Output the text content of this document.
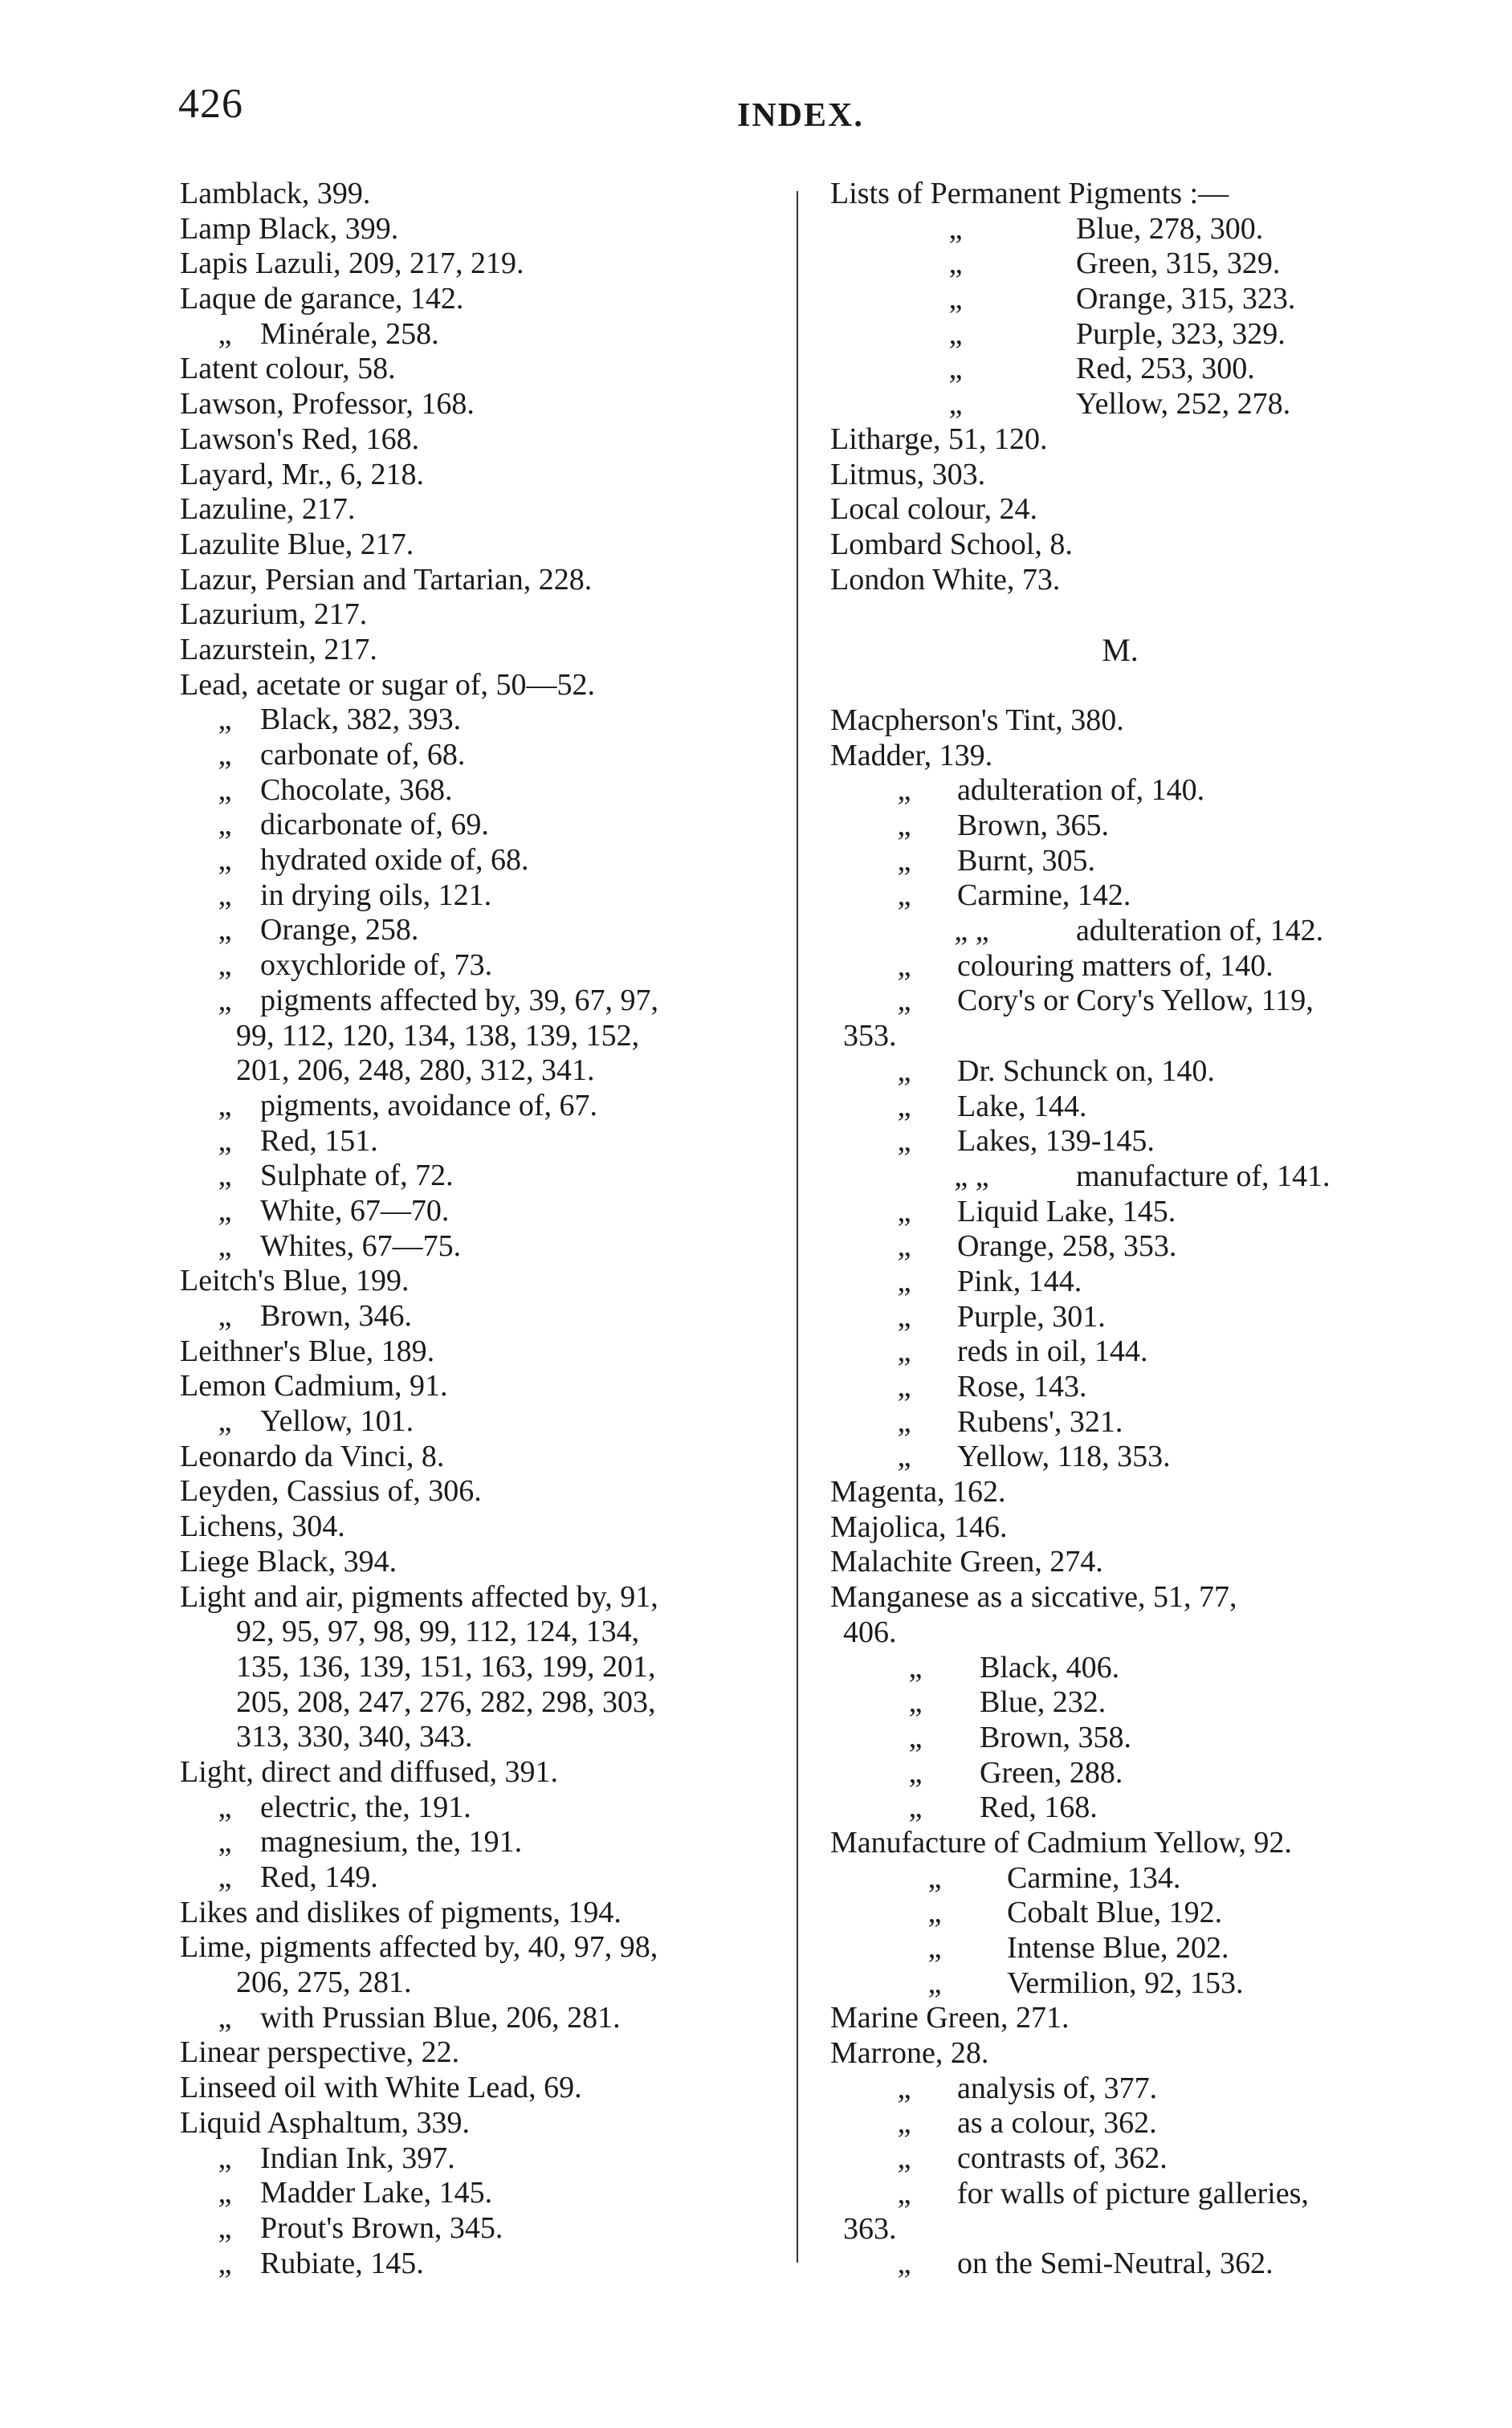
426	INDEX.
Lamblack, 399.
Lamp Black, 399.
Lapis Lazuli, 209, 217, 219.
Laque de garance, 142.
„ Minérale, 258.
Latent colour, 58.
Lawson, Professor, 168.
Lawson's Red, 168.
Layard, Mr., 6, 218.
Lazuline, 217.
Lazulite Blue, 217.
Lazur, Persian and Tartarian, 228.
Lazurium, 217.
Lazurstein, 217.
Lead, acetate or sugar of, 50—52.
„ Black, 382, 393.
„ carbonate of, 68.
„ Chocolate, 368.
„ dicarbonate of, 69.
„ hydrated oxide of, 68.
„ in drying oils, 121.
„ Orange, 258.
„ oxychloride of, 73.
„ pigments affected by, 39, 67, 97,
99, 112, 120, 134, 138, 139, 152,
201, 206, 248, 280, 312, 341.
„ pigments, avoidance of, 67.
„ Red, 151.
„ Sulphate of, 72.
„ White, 67—70.
„ Whites, 67—75.
Leitch's Blue, 199.
„ Brown, 346.
Leithner's Blue, 189.
Lemon Cadmium, 91.
„ Yellow, 101.
Leonardo da Vinci, 8.
Leyden, Cassius of, 306.
Lichens, 304.
Liege Black, 394.
Light and air, pigments affected by, 91,
92, 95, 97, 98, 99, 112, 124, 134,
135, 136, 139, 151, 163, 199, 201,
205, 208, 247, 276, 282, 298, 303,
313, 330, 340, 343.
Light, direct and diffused, 391.
„ electric, the, 191.
„ magnesium, the, 191.
„ Red, 149.
Likes and dislikes of pigments, 194.
Lime, pigments affected by, 40, 97, 98,
206, 275, 281.
„ with Prussian Blue, 206, 281.
Linear perspective, 22.
Linseed oil with White Lead, 69.
Liquid Asphaltum, 339.
„ Indian Ink, 397.
„ Madder Lake, 145.
„ Prout's Brown, 345.
„ Rubiate, 145.
Lists of Permanent Pigments :—
„	Blue, 278, 300.
„	Green, 315, 329.
„	Orange, 315, 323.
„	Purple, 323, 329.
„	Red, 253, 300.
„	Yellow, 252, 278.
Litharge, 51, 120.
Litmus, 303.
Local colour, 24.
Lombard School, 8.
London White, 73.
M.
Macpherson's Tint, 380.
Madder, 139.
„	adulteration of, 140.
„	Brown, 365.
„	Burnt, 305.
„	Carmine, 142.
„ „	adulteration of, 142.
„	colouring matters of, 140.
„	Cory's or Cory's Yellow, 119,
353.
„	Dr. Schunck on, 140.
„	Lake, 144.
„	Lakes, 139-145.
„ „	manufacture of, 141.
„	Liquid Lake, 145.
„	Orange, 258, 353.
„	Pink, 144.
„	Purple, 301.
„	reds in oil, 144.
„	Rose, 143.
„	Rubens', 321.
„	Yellow, 118, 353.
Magenta, 162.
Majolica, 146.
Malachite Green, 274.
Manganese as a siccative, 51, 77,
406.
„	Black, 406.
„	Blue, 232.
„	Brown, 358.
„	Green, 288.
„	Red, 168.
Manufacture of Cadmium Yellow, 92.
„	Carmine, 134.
„	Cobalt Blue, 192.
„	Intense Blue, 202.
„	Vermilion, 92, 153.
Marine Green, 271.
Marrone, 28.
„	analysis of, 377.
„	as a colour, 362.
„	contrasts of, 362.
„	for walls of picture galleries,
363.
„	on the Semi-Neutral, 362.
